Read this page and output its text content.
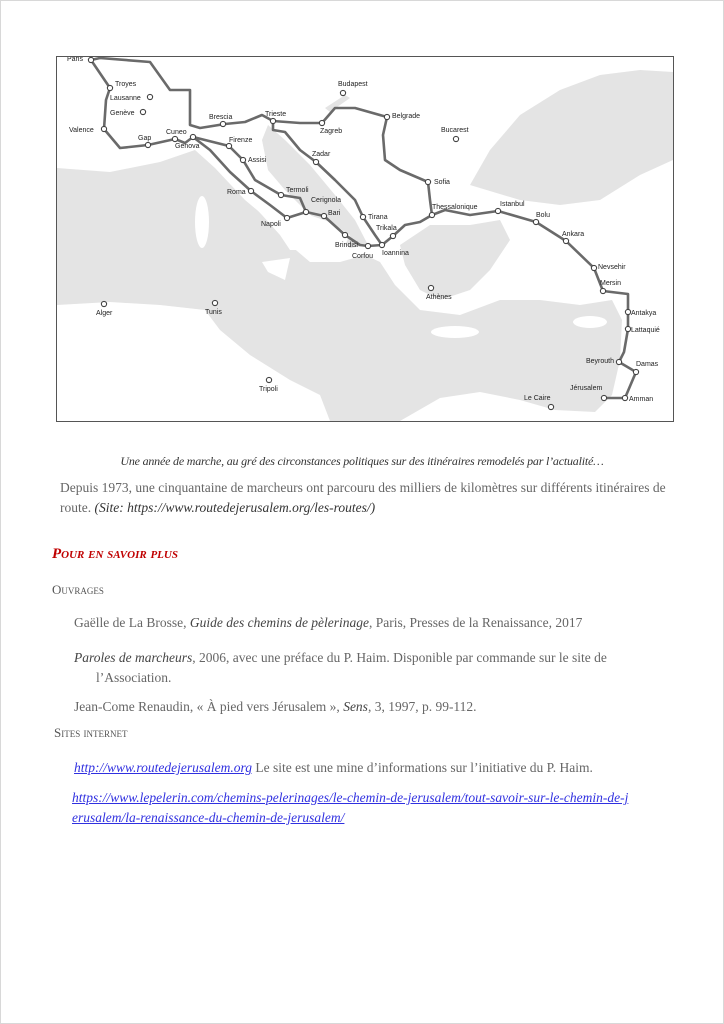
Paris
Troyes
Lausanne
Genève
Valence
Gap
Cuneo
Genova
Brescia	Trieste
Zagreb
Budapest
Belgrade
Bucarest
Zadar
Firenze
Assisi
Roma	Termoli
Napoli
Cerignola
Bari
Brindisi
Corfou Ioannina
Tirana
Trikala
Sofia
Thessalonique	Istanbul
Bolu
Ankara
Nevsehir
Mersin
Antakya
Lattaquié
Beyrouth	Damas
Jérusalem
Amman
Le Caire
Athènes
Alger	Tunis
Tripoli
Une année de marche, au gré des circonstances politiques sur des itinéraires remodelés par l’actualité…
Depuis 1973, une cinquantaine de marcheurs ont parcouru des milliers de kilomètres sur différents itinéraires de route. (Site: https://www.routedejerusalem.org/les-routes/)
Pour en savoir plus
Ouvrages
Gaëlle de La Brosse, Guide des chemins de pèlerinage, Paris, Presses de la Renaissance, 2017
Paroles de marcheurs, 2006, avec une préface du P. Haim. Disponible par commande sur le site de l’Association.
Jean-Come Renaudin, « À pied vers Jérusalem », Sens, 3, 1997, p. 99-112.
Sites internet
http://www.routedejerusalem.org Le site est une mine d’informations sur l’initiative du P. Haim.
https://www.lepelerin.com/chemins-pelerinages/le-chemin-de-jerusalem/tout-savoir-sur-le-chemin-de-jerusalem/la-renaissance-du-chemin-de-jerusalem/
